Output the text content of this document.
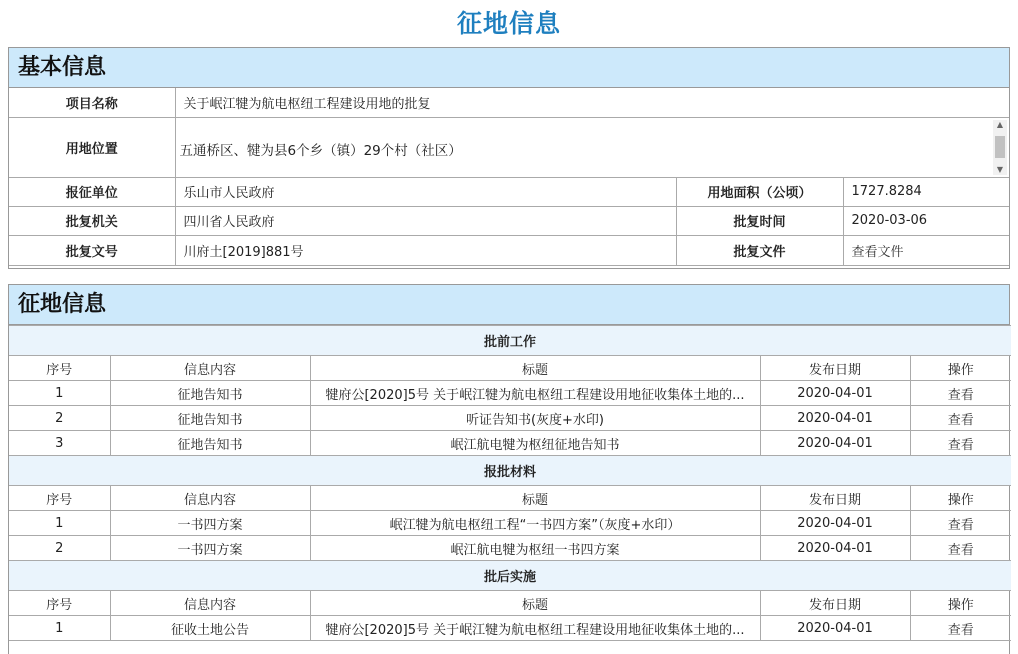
征地信息
基本信息
项目名称	关于岷江犍为航电枢纽工程建设用地的批复		
用地位置	五通桥区、犍为县6个乡（镇）29个村（社区）
▲
▼		

报征单位	乐山市人民政府	用地面积（公顷）	1727.8284
批复机关	四川省人民政府	批复时间	2020-03-06
批复文号	川府土[2019]881号	批复文件	查看文件
征地信息
批前工作				
序号	信息内容	标题	发布日期	操作
1	征地告知书	犍府公[2020]5号 关于岷江犍为航电枢纽工程建设用地征收集体土地的...	2020-04-01	查看
2	征地告知书	听证告知书(灰度+水印)	2020-04-01	查看
3	征地告知书	岷江航电犍为枢纽征地告知书	2020-04-01	查看
报批材料				
序号	信息内容	标题	发布日期	操作
1	一书四方案	岷江犍为航电枢纽工程“一书四方案”（灰度+水印）	2020-04-01	查看
2	一书四方案	岷江航电犍为枢纽一书四方案	2020-04-01	查看
批后实施				
序号	信息内容	标题	发布日期	操作
1	征收土地公告	犍府公[2020]5号 关于岷江犍为航电枢纽工程建设用地征收集体土地的...	2020-04-01	查看
